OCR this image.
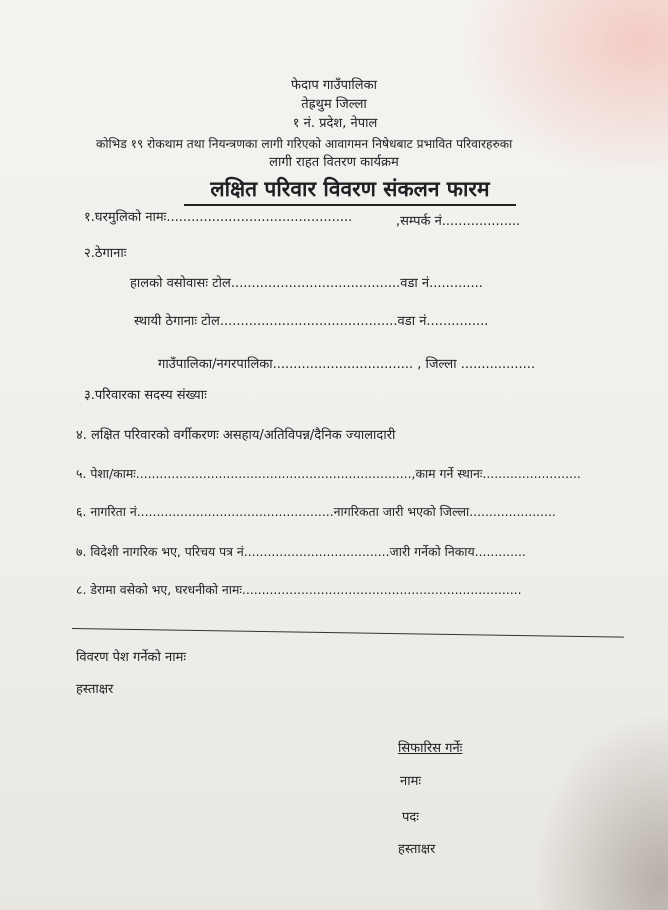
फेदाप गाउँपालिका
तेह्रथुम जिल्ला
१ नं. प्रदेश, नेपाल
कोभिड १९ रोकथाम तथा नियन्त्रणका लागी गरिएको आवागमन निषेधबाट प्रभावित परिवारहरुका
लागी राहत वितरण कार्यक्रम
लक्षित परिवार विवरण संकलन फारम
१.घरमुलिको नामः.............................................	,सम्पर्क नं...................
२.ठेगानाः
हालको वसोवासः टोल.........................................वडा नं.............
स्थायी ठेगानाः टोल...........................................वडा नं...............
गाउँपालिका/नगरपालिका.................................. , जिल्ला ..................
३.परिवारका सदस्य संख्याः
४. लक्षित परिवारको वर्गीकरणः असहाय/अतिविपन्न/दैनिक ज्यालादारी
५. पेशा/कामः......................................................................,काम गर्ने स्थानः.........................
६. नागरिता नं..................................................नागरिकता जारी भएको जिल्ला......................
७. विदेशी नागरिक भए, परिचय पत्र नं.....................................जारी गर्नेको निकाय.............
८. डेरामा वसेको भए, घरधनीको नामः.......................................................................
विवरण पेश गर्नेको नामः
हस्ताक्षर
सिफारिस गर्नेः
नामः
पदः
हस्ताक्षर
